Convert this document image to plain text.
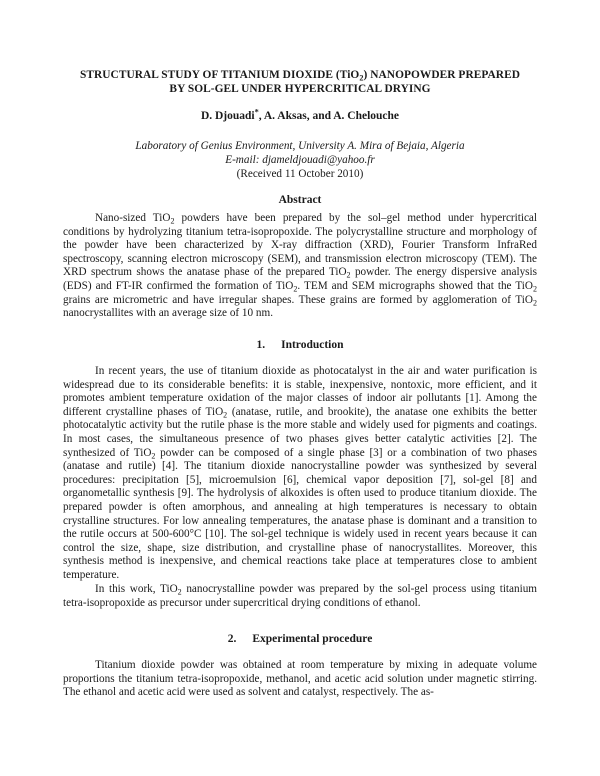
STRUCTURAL STUDY OF TITANIUM DIOXIDE (TiO$_2$) NANOPOWDER PREPARED
BY SOL-GEL UNDER HYPERCRITICAL DRYING
D. Djouadi*, A. Aksas, and A. Chelouche
Laboratory of Genius Environment, University A. Mira of Bejaia, Algeria
E-mail: djameldjouadi@yahoo.fr
(Received 11 October 2010)
Abstract

Nano-sized TiO$_2$ powders have been prepared by the sol–gel method under hypercritical conditions by hydrolyzing titanium tetra-isopropoxide. The polycrystalline structure and morphology of the powder have been characterized by X-ray diffraction (XRD), Fourier Transform InfraRed spectroscopy, scanning electron microscopy (SEM), and transmission electron microscopy (TEM). The XRD spectrum shows the anatase phase of the prepared TiO$_2$ powder. The energy dispersive analysis (EDS) and FT-IR confirmed the formation of TiO$_2$. TEM and SEM micrographs showed that the TiO$_2$ grains are micrometric and have irregular shapes. These grains are formed by agglomeration of TiO$_2$ nanocrystallites with an average size of 10 nm.

1. Introduction

In recent years, the use of titanium dioxide as photocatalyst in the air and water purification is widespread due to its considerable benefits: it is stable, inexpensive, nontoxic, more efficient, and it promotes ambient temperature oxidation of the major classes of indoor air pollutants [1]. Among the different crystalline phases of TiO$_2$ (anatase, rutile, and brookite), the anatase one exhibits the better photocatalytic activity but the rutile phase is the more stable and widely used for pigments and coatings. In most cases, the simultaneous presence of two phases gives better catalytic activities [2]. The synthesized of TiO$_2$ powder can be composed of a single phase [3] or a combination of two phases (anatase and rutile) [4]. The titanium dioxide nanocrystalline powder was synthesized by several procedures: precipitation [5], microemulsion [6], chemical vapor deposition [7], sol-gel [8] and organometallic synthesis [9]. The hydrolysis of alkoxides is often used to produce titanium dioxide. The prepared powder is often amorphous, and annealing at high temperatures is necessary to obtain crystalline structures. For low annealing temperatures, the anatase phase is dominant and a transition to the rutile occurs at 500-600°C [10]. The sol-gel technique is widely used in recent years because it can control the size, shape, size distribution, and crystalline phase of nanocrystallites. Moreover, this synthesis method is inexpensive, and chemical reactions take place at temperatures close to ambient temperature.

In this work, TiO$_2$ nanocrystalline powder was prepared by the sol-gel process using titanium tetra-isopropoxide as precursor under supercritical drying conditions of ethanol.

2. Experimental procedure

Titanium dioxide powder was obtained at room temperature by mixing in adequate volume proportions the titanium tetra-isopropoxide, methanol, and acetic acid solution under magnetic stirring. The ethanol and acetic acid were used as solvent and catalyst, respectively. The as-
